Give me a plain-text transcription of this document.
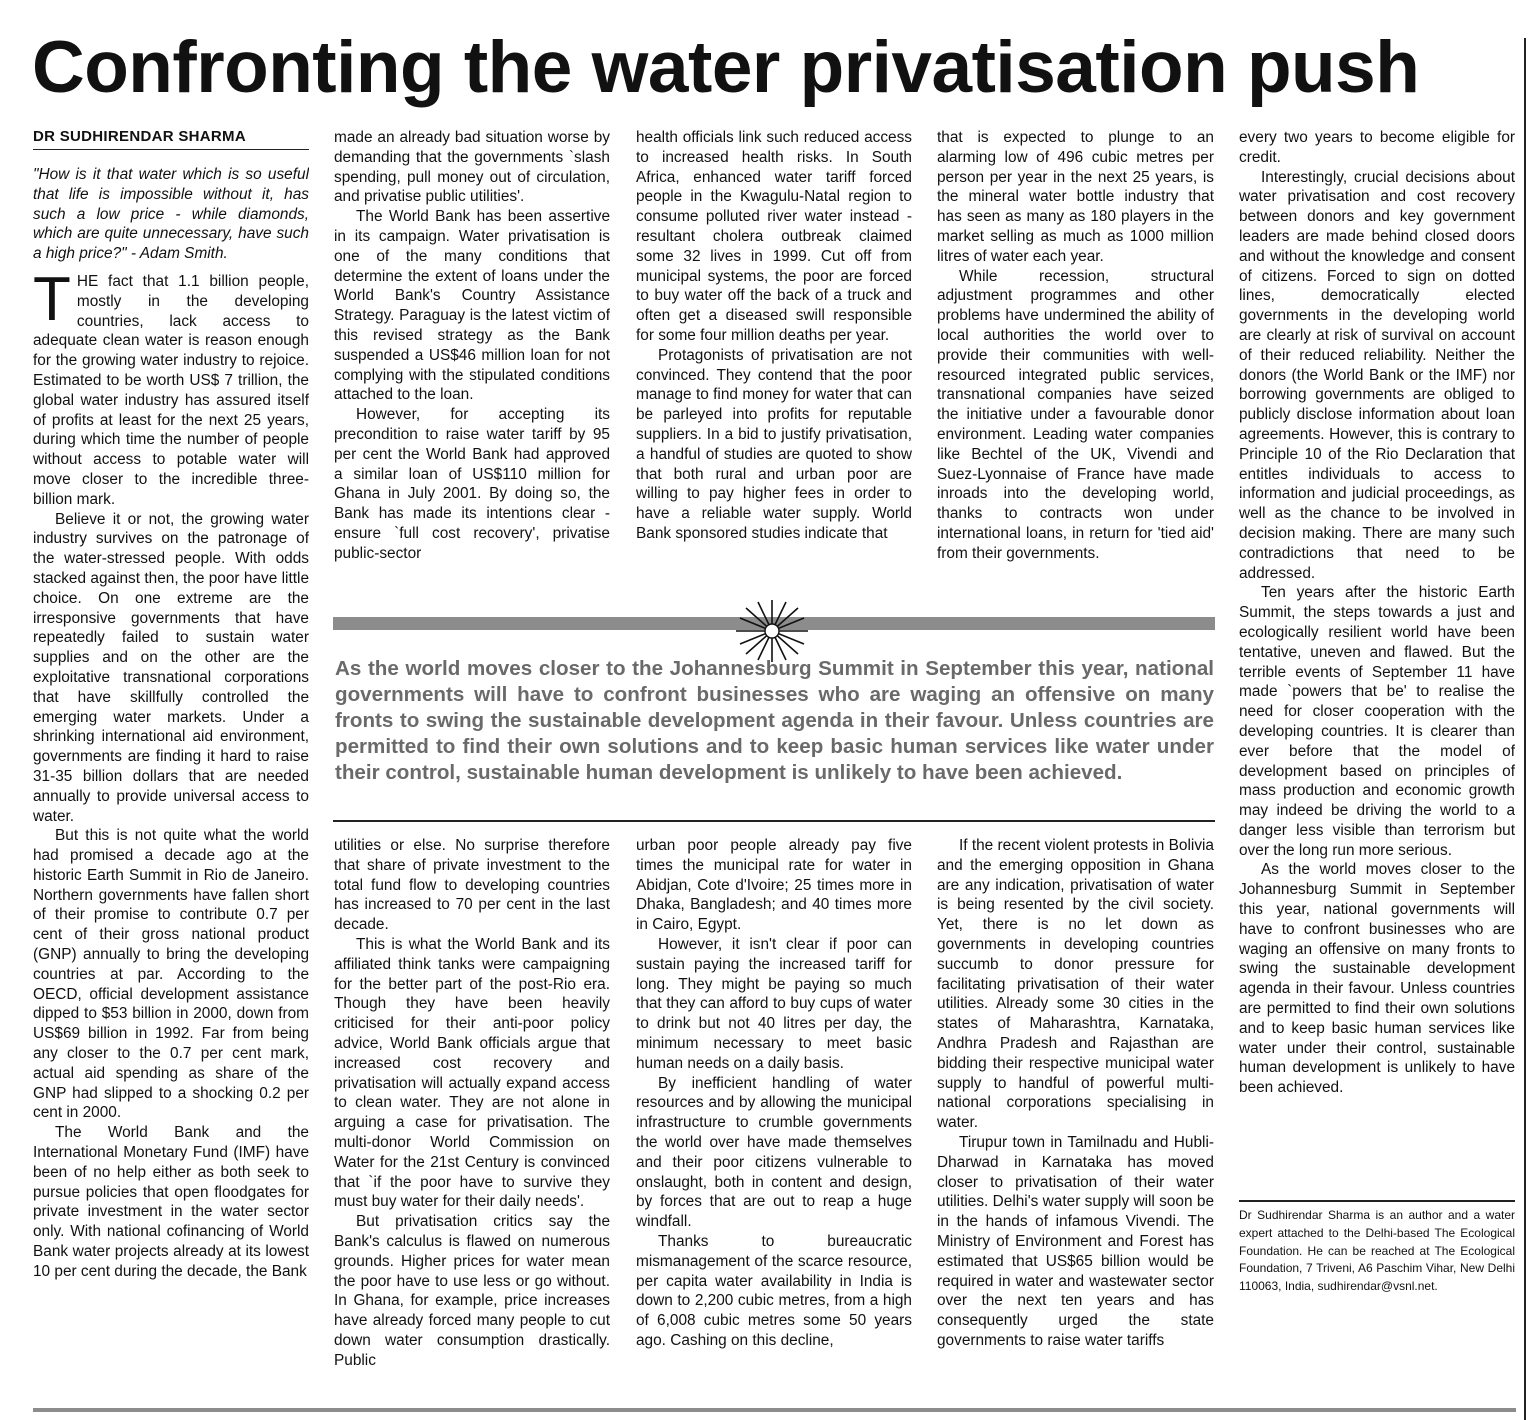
Confronting the water privatisation push
DR SUDHIRENDAR SHARMA

"How is it that water which is so useful that life is impossible without it, has such a low price - while diamonds, which are quite unnecessary, have such a high price?" - Adam Smith.

THE fact that 1.1 billion people, mostly in the developing countries, lack access to adequate clean water is reason enough for the growing water industry to rejoice. Estimated to be worth US$ 7 trillion, the global water industry has assured itself of profits at least for the next 25 years, during which time the number of people without access to potable water will move closer to the incredible three-billion mark.

Believe it or not, the growing water industry survives on the patronage of the water-stressed people. With odds stacked against then, the poor have little choice. On one extreme are the irresponsive governments that have repeatedly failed to sustain water supplies and on the other are the exploitative transnational corporations that have skillfully controlled the emerging water markets. Under a shrinking international aid environment, governments are finding it hard to raise 31-35 billion dollars that are needed annually to provide universal access to water.

But this is not quite what the world had promised a decade ago at the historic Earth Summit in Rio de Janeiro. Northern governments have fallen short of their promise to contribute 0.7 per cent of their gross national product (GNP) annually to bring the developing countries at par. According to the OECD, official development assistance dipped to $53 billion in 2000, down from US$69 billion in 1992. Far from being any closer to the 0.7 per cent mark, actual aid spending as share of the GNP had slipped to a shocking 0.2 per cent in 2000.

The World Bank and the International Monetary Fund (IMF) have been of no help either as both seek to pursue policies that open floodgates for private investment in the water sector only. With national cofinancing of World Bank water projects already at its lowest 10 per cent during the decade, the Bank

made an already bad situation worse by demanding that the governments `slash spending, pull money out of circulation, and privatise public utilities'.

The World Bank has been assertive in its campaign. Water privatisation is one of the many conditions that determine the extent of loans under the World Bank's Country Assistance Strategy. Paraguay is the latest victim of this revised strategy as the Bank suspended a US$46 million loan for not complying with the stipulated conditions attached to the loan.

However, for accepting its precondition to raise water tariff by 95 per cent the World Bank had approved a similar loan of US$110 million for Ghana in July 2001. By doing so, the Bank has made its intentions clear - ensure `full cost recovery', privatise public-sector

health officials link such reduced access to increased health risks. In South Africa, enhanced water tariff forced people in the Kwagulu-Natal region to consume polluted river water instead - resultant cholera outbreak claimed some 32 lives in 1999. Cut off from municipal systems, the poor are forced to buy water off the back of a truck and often get a diseased swill responsible for some four million deaths per year.

Protagonists of privatisation are not convinced. They contend that the poor manage to find money for water that can be parleyed into profits for reputable suppliers. In a bid to justify privatisation, a handful of studies are quoted to show that both rural and urban poor are willing to pay higher fees in order to have a reliable water supply. World Bank sponsored studies indicate that

that is expected to plunge to an alarming low of 496 cubic metres per person per year in the next 25 years, is the mineral water bottle industry that has seen as many as 180 players in the market selling as much as 1000 million litres of water each year.

While recession, structural adjustment programmes and other problems have undermined the ability of local authorities the world over to provide their communities with well-resourced integrated public services, transnational companies have seized the initiative under a favourable donor environment. Leading water companies like Bechtel of the UK, Vivendi and Suez-Lyonnaise of France have made inroads into the developing world, thanks to contracts won under international loans, in return for 'tied aid' from their governments.

every two years to become eligible for credit.

Interestingly, crucial decisions about water privatisation and cost recovery between donors and key government leaders are made behind closed doors and without the knowledge and consent of citizens. Forced to sign on dotted lines, democratically elected governments in the developing world are clearly at risk of survival on account of their reduced reliability. Neither the donors (the World Bank or the IMF) nor borrowing governments are obliged to publicly disclose information about loan agreements. However, this is contrary to Principle 10 of the Rio Declaration that entitles individuals to access to information and judicial proceedings, as well as the chance to be involved in decision making. There are many such contradictions that need to be addressed.

Ten years after the historic Earth Summit, the steps towards a just and ecologically resilient world have been tentative, uneven and flawed. But the terrible events of September 11 have made `powers that be' to realise the need for closer cooperation with the developing countries. It is clearer than ever before that the model of development based on principles of mass production and economic growth may indeed be driving the world to a danger less visible than terrorism but over the long run more serious.

As the world moves closer to the Johannesburg Summit in September this year, national governments will have to confront businesses who are waging an offensive on many fronts to swing the sustainable development agenda in their favour. Unless countries are permitted to find their own solutions and to keep basic human services like water under their control, sustainable human development is unlikely to have been achieved.

As the world moves closer to the Johannesburg Summit in September this year, national governments will have to confront businesses who are waging an offensive on many fronts to swing the sustainable development agenda in their favour. Unless countries are permitted to find their own solutions and to keep basic human services like water under their control, sustainable human development is unlikely to have been achieved.

utilities or else. No surprise therefore that share of private investment to the total fund flow to developing countries has increased to 70 per cent in the last decade.

This is what the World Bank and its affiliated think tanks were campaigning for the better part of the post-Rio era. Though they have been heavily criticised for their anti-poor policy advice, World Bank officials argue that increased cost recovery and privatisation will actually expand access to clean water. They are not alone in arguing a case for privatisation. The multi-donor World Commission on Water for the 21st Century is convinced that `if the poor have to survive they must buy water for their daily needs'.

But privatisation critics say the Bank's calculus is flawed on numerous grounds. Higher prices for water mean the poor have to use less or go without. In Ghana, for example, price increases have already forced many people to cut down water consumption drastically. Public

urban poor people already pay five times the municipal rate for water in Abidjan, Cote d'Ivoire; 25 times more in Dhaka, Bangladesh; and 40 times more in Cairo, Egypt.

However, it isn't clear if poor can sustain paying the increased tariff for long. They might be paying so much that they can afford to buy cups of water to drink but not 40 litres per day, the minimum necessary to meet basic human needs on a daily basis.

By inefficient handling of water resources and by allowing the municipal infrastructure to crumble governments the world over have made themselves and their poor citizens vulnerable to onslaught, both in content and design, by forces that are out to reap a huge windfall.

Thanks to bureaucratic mismanagement of the scarce resource, per capita water availability in India is down to 2,200 cubic metres, from a high of 6,008 cubic metres some 50 years ago. Cashing on this decline,

If the recent violent protests in Bolivia and the emerging opposition in Ghana are any indication, privatisation of water is being resented by the civil society. Yet, there is no let down as governments in developing countries succumb to donor pressure for facilitating privatisation of their water utilities. Already some 30 cities in the states of Maharashtra, Karnataka, Andhra Pradesh and Rajasthan are bidding their respective municipal water supply to handful of powerful multi-national corporations specialising in water.

Tirupur town in Tamilnadu and Hubli-Dharwad in Karnataka has moved closer to privatisation of their water utilities. Delhi's water supply will soon be in the hands of infamous Vivendi. The Ministry of Environment and Forest has estimated that US$65 billion would be required in water and wastewater sector over the next ten years and has consequently urged the state governments to raise water tariffs

Dr Sudhirendar Sharma is an author and a water expert attached to the Delhi-based The Ecological Foundation. He can be reached at The Ecological Foundation, 7 Triveni, A6 Paschim Vihar, New Delhi 110063, India, sudhirendar@vsnl.net.
